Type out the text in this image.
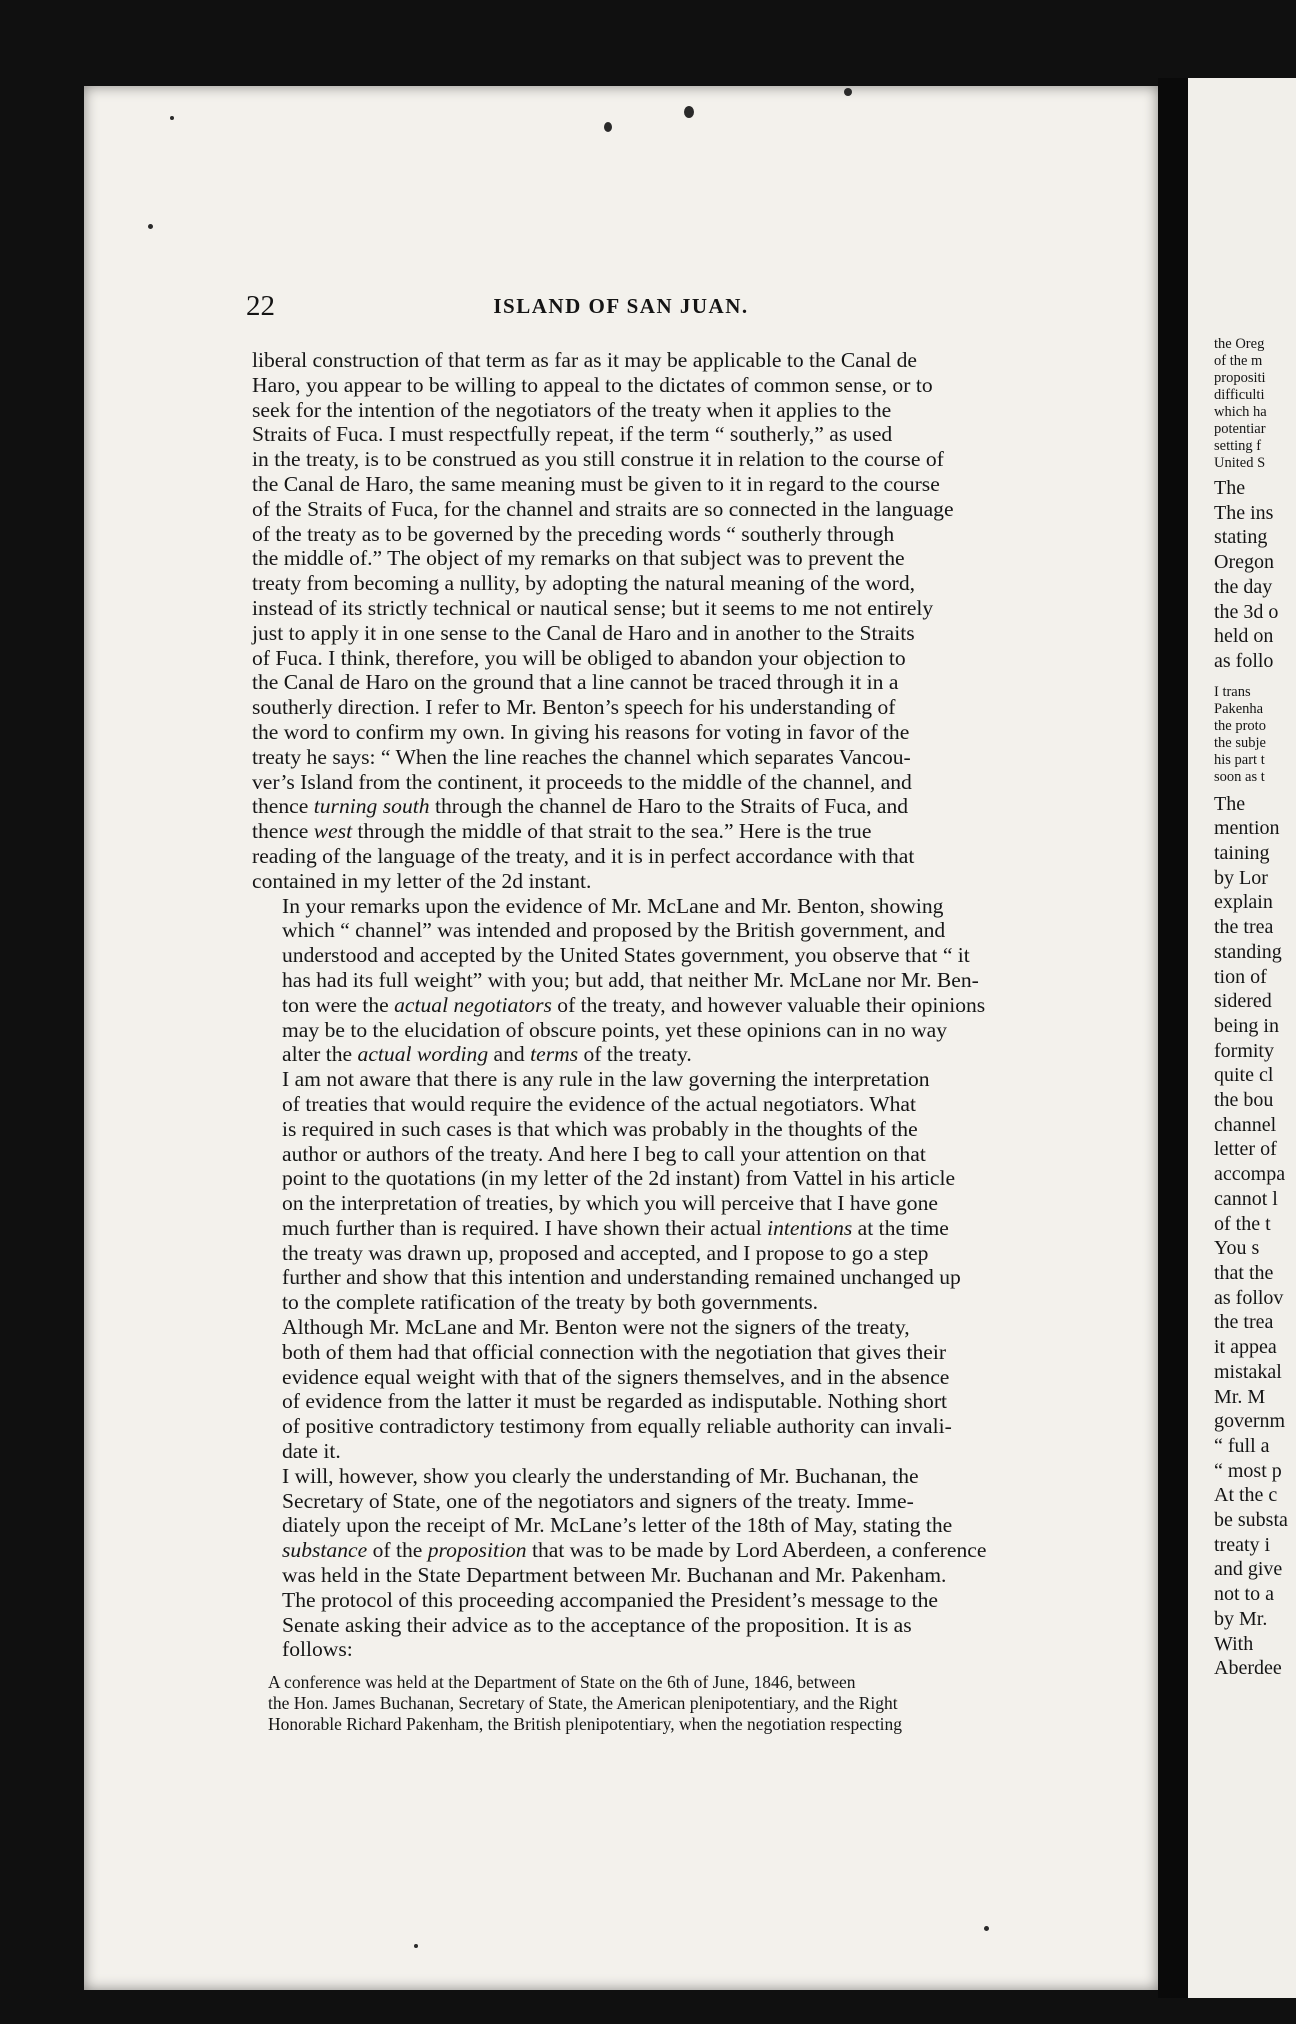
22	ISLAND OF SAN JUAN.

liberal construction of that term as far as it may be applicable to the Canal de
Haro, you appear to be willing to appeal to the dictates of common sense, or to
seek for the intention of the negotiators of the treaty when it applies to the
Straits of Fuca. I must respectfully repeat, if the term “ southerly,” as used
in the treaty, is to be construed as you still construe it in relation to the course of
the Canal de Haro, the same meaning must be given to it in regard to the course
of the Straits of Fuca, for the channel and straits are so connected in the language
of the treaty as to be governed by the preceding words “ southerly through
the middle of.” The object of my remarks on that subject was to prevent the
treaty from becoming a nullity, by adopting the natural meaning of the word,
instead of its strictly technical or nautical sense; but it seems to me not entirely
just to apply it in one sense to the Canal de Haro and in another to the Straits
of Fuca. I think, therefore, you will be obliged to abandon your objection to
the Canal de Haro on the ground that a line cannot be traced through it in a
southerly direction. I refer to Mr. Benton’s speech for his understanding of
the word to confirm my own. In giving his reasons for voting in favor of the
treaty he says: “ When the line reaches the channel which separates Vancou-
ver’s Island from the continent, it proceeds to the middle of the channel, and
thence turning south through the channel de Haro to the Straits of Fuca, and
thence west through the middle of that strait to the sea.” Here is the true
reading of the language of the treaty, and it is in perfect accordance with that
contained in my letter of the 2d instant.

In your remarks upon the evidence of Mr. McLane and Mr. Benton, showing
which “ channel” was intended and proposed by the British government, and
understood and accepted by the United States government, you observe that “ it
has had its full weight” with you; but add, that neither Mr. McLane nor Mr. Ben-
ton were the actual negotiators of the treaty, and however valuable their opinions
may be to the elucidation of obscure points, yet these opinions can in no way
alter the actual wording and terms of the treaty.

I am not aware that there is any rule in the law governing the interpretation
of treaties that would require the evidence of the actual negotiators. What
is required in such cases is that which was probably in the thoughts of the
author or authors of the treaty. And here I beg to call your attention on that
point to the quotations (in my letter of the 2d instant) from Vattel in his article
on the interpretation of treaties, by which you will perceive that I have gone
much further than is required. I have shown their actual intentions at the time
the treaty was drawn up, proposed and accepted, and I propose to go a step
further and show that this intention and understanding remained unchanged up
to the complete ratification of the treaty by both governments.

Although Mr. McLane and Mr. Benton were not the signers of the treaty,
both of them had that official connection with the negotiation that gives their
evidence equal weight with that of the signers themselves, and in the absence
of evidence from the latter it must be regarded as indisputable. Nothing short
of positive contradictory testimony from equally reliable authority can invali-
date it.

I will, however, show you clearly the understanding of Mr. Buchanan, the
Secretary of State, one of the negotiators and signers of the treaty. Imme-
diately upon the receipt of Mr. McLane’s letter of the 18th of May, stating the
substance of the proposition that was to be made by Lord Aberdeen, a conference
was held in the State Department between Mr. Buchanan and Mr. Pakenham.
The protocol of this proceeding accompanied the President’s message to the
Senate asking their advice as to the acceptance of the proposition. It is as
follows:

A conference was held at the Department of State on the 6th of June, 1846, between
the Hon. James Buchanan, Secretary of State, the American plenipotentiary, and the Right
Honorable Richard Pakenham, the British plenipotentiary, when the negotiation respecting

the Oreg
of the m
propositi
difficulti
which ha
potentiar
setting f
United S
The
The ins
stating
Oregon
the day
the 3d o
held on
as follo
I trans
Pakenha
the proto
the subje
his part t
soon as t
The
mention
taining
by Lor
explain
the trea
standing
tion of
sidered
being in
formity
quite cl
the bou
channel
letter of
accompa
cannot l
of the t
You s
that the
as follov
the trea
it appea
mistakal
Mr. M
governm
“ full a
“ most p
At the c
be substa
treaty i
and give
not to a
by Mr.
With
Aberdee
